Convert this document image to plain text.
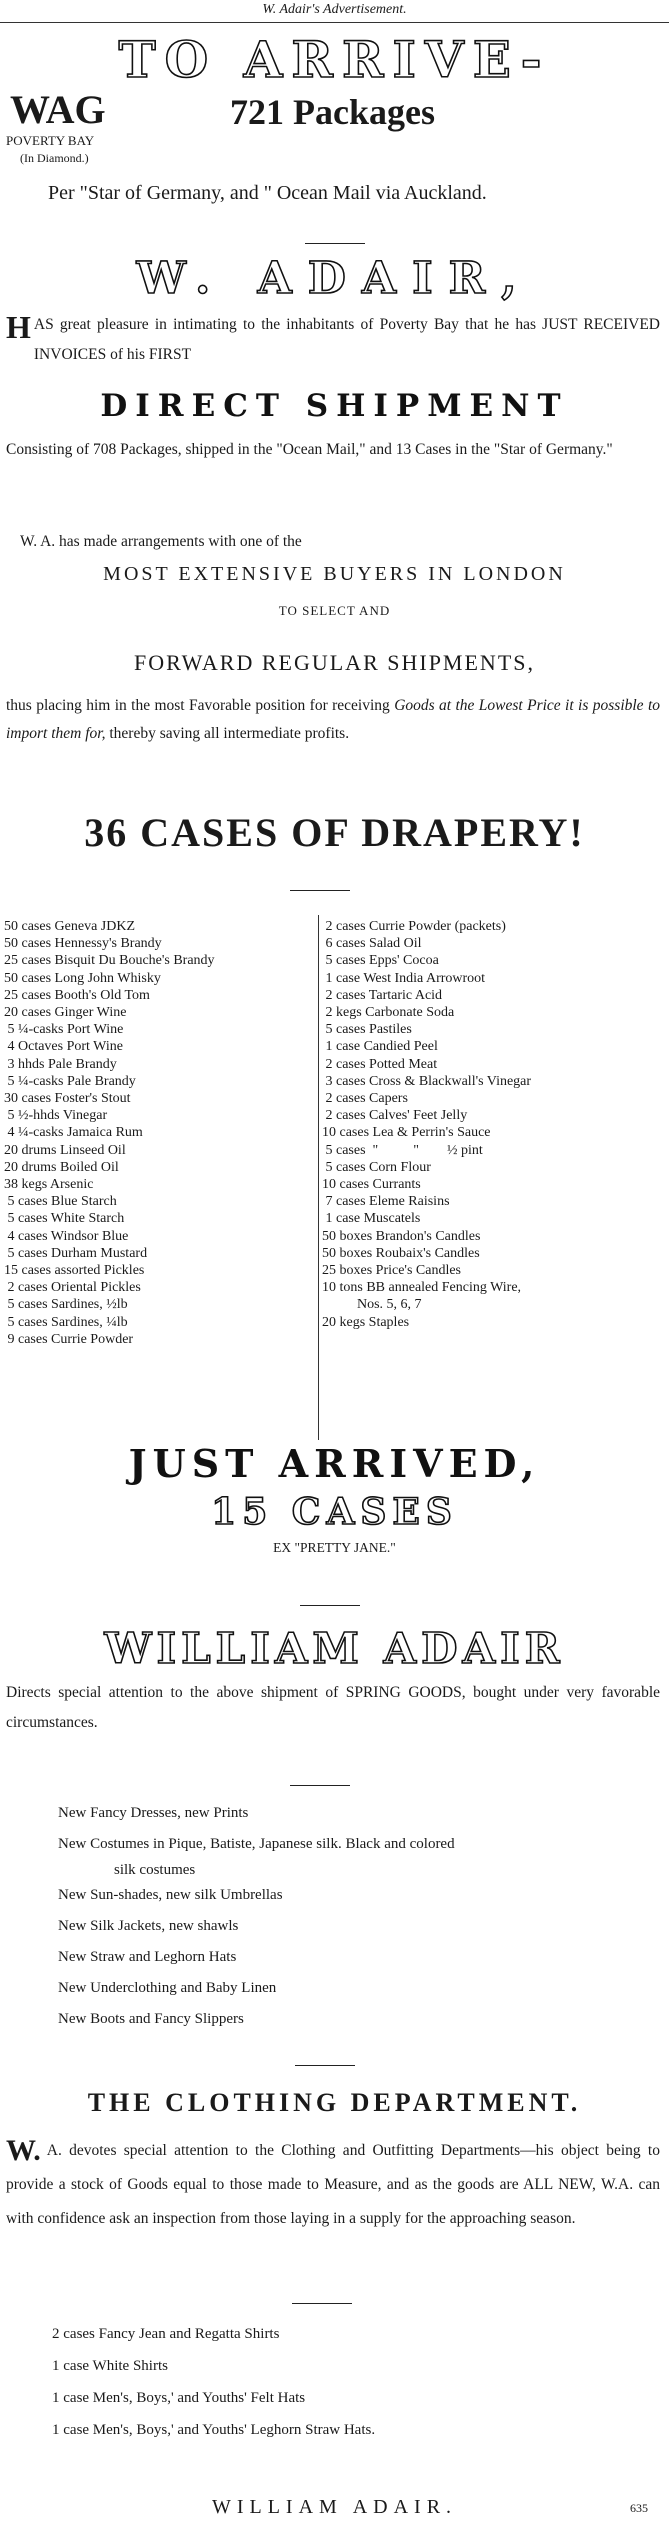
W. Adair's Advertisement.
TO ARRIVE-
WAG
POVERTY BAY
(In Diamond.)
721 Packages
Per "Star of Germany, and " Ocean Mail via Auckland.
W. ADAIR,
H AS great pleasure in intimating to the inhabitants of Poverty Bay that he has JUST RECEIVED INVOICES of his FIRST
DIRECT SHIPMENT
Consisting of 708 Packages, shipped in the "Ocean Mail," and 13 Cases in the "Star of Germany."
W. A. has made arrangements with one of the
MOST EXTENSIVE BUYERS IN LONDON
TO SELECT AND
FORWARD REGULAR SHIPMENTS,
thus placing him in the most Favorable position for receiving Goods at the Lowest Price it is possible to import them for, thereby saving all intermediate profits.
36 CASES OF DRAPERY!
50 cases Geneva JDKZ
50 cases Hennessy's Brandy
25 cases Bisquit Du Bouche's Brandy
50 cases Long John Whisky
25 cases Booth's Old Tom
20 cases Ginger Wine
5 ¼-casks Port Wine
4 Octaves Port Wine
3 hhds Pale Brandy
5 ¼-casks Pale Brandy
30 cases Foster's Stout
5 ½-hhds Vinegar
4 ¼-casks Jamaica Rum
20 drums Linseed Oil
20 drums Boiled Oil
38 kegs Arsenic
5 cases Blue Starch
5 cases White Starch
4 cases Windsor Blue
5 cases Durham Mustard
15 cases assorted Pickles
2 cases Oriental Pickles
5 cases Sardines, ½lb
5 cases Sardines, ¼lb
9 cases Currie Powder
2 cases Currie Powder (packets)
6 cases Salad Oil
5 cases Epps' Cocoa
1 case West India Arrowroot
2 cases Tartaric Acid
2 kegs Carbonate Soda
5 cases Pastiles
1 case Candied Peel
2 cases Potted Meat
3 cases Cross & Blackwall's Vinegar
2 cases Capers
2 cases Calves' Feet Jelly
10 cases Lea & Perrin's Sauce
5 cases  "          "        ½ pint
5 cases Corn Flour
10 cases Currants
7 cases Eleme Raisins
1 case Muscatels
50 boxes Brandon's Candles
50 boxes Roubaix's Candles
25 boxes Price's Candles
10 tons BB annealed Fencing Wire,
Nos. 5, 6, 7
20 kegs Staples
JUST ARRIVED,
15 CASES
EX "PRETTY JANE."
WILLIAM ADAIR
Directs special attention to the above shipment of SPRING GOODS, bought under very favorable circumstances.
New Fancy Dresses, new Prints
New Costumes in Pique, Batiste, Japanese silk. Black and colored
silk costumes
New Sun-shades, new silk Umbrellas
New Silk Jackets, new shawls
New Straw and Leghorn Hats
New Underclothing and Baby Linen
New Boots and Fancy Slippers
THE CLOTHING DEPARTMENT.
W. A. devotes special attention to the Clothing and Outfitting Departments—his object being to provide a stock of Goods equal to those made to Measure, and as the goods are ALL NEW, W.A. can with confidence ask an inspection from those laying in a supply for the approaching season.
2 cases Fancy Jean and Regatta Shirts
1 case White Shirts
1 case Men's, Boys,' and Youths' Felt Hats
1 case Men's, Boys,' and Youths' Leghorn Straw Hats.
WILLIAM ADAIR.	635
